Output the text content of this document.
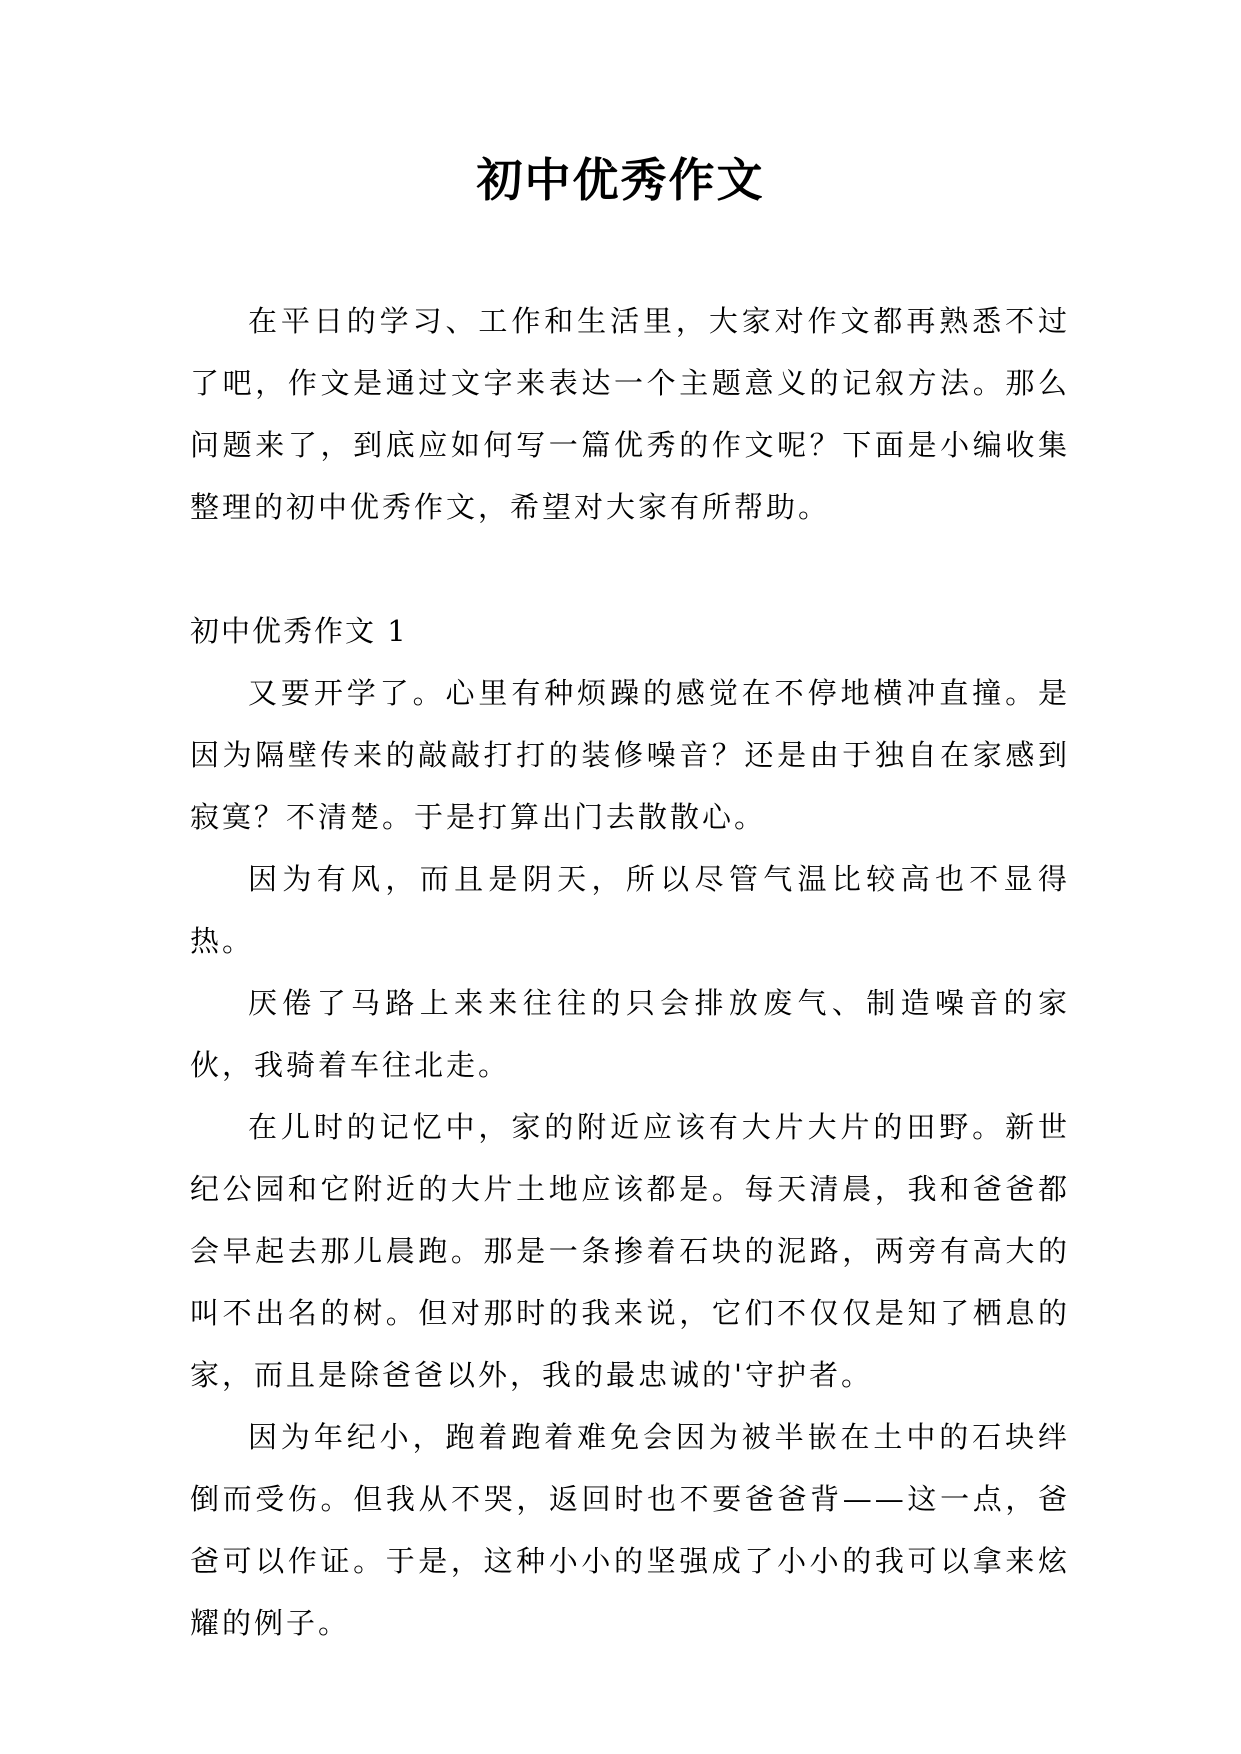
初中优秀作文

在平日的学习、工作和生活里，大家对作文都再熟悉不过了吧，作文是通过文字来表达一个主题意义的记叙方法。那么问题来了，到底应如何写一篇优秀的作文呢？下面是小编收集整理的初中优秀作文，希望对大家有所帮助。

初中优秀作文 1

又要开学了。心里有种烦躁的感觉在不停地横冲直撞。是因为隔壁传来的敲敲打打的装修噪音？还是由于独自在家感到寂寞？不清楚。于是打算出门去散散心。

因为有风，而且是阴天，所以尽管气温比较高也不显得热。

厌倦了马路上来来往往的只会排放废气、制造噪音的家伙，我骑着车往北走。

在儿时的记忆中，家的附近应该有大片大片的田野。新世纪公园和它附近的大片土地应该都是。每天清晨，我和爸爸都会早起去那儿晨跑。那是一条掺着石块的泥路，两旁有高大的叫不出名的树。但对那时的我来说，它们不仅仅是知了栖息的家，而且是除爸爸以外，我的最忠诚的'守护者。

因为年纪小，跑着跑着难免会因为被半嵌在土中的石块绊倒而受伤。但我从不哭，返回时也不要爸爸背——这一点，爸爸可以作证。于是，这种小小的坚强成了小小的我可以拿来炫耀的例子。
